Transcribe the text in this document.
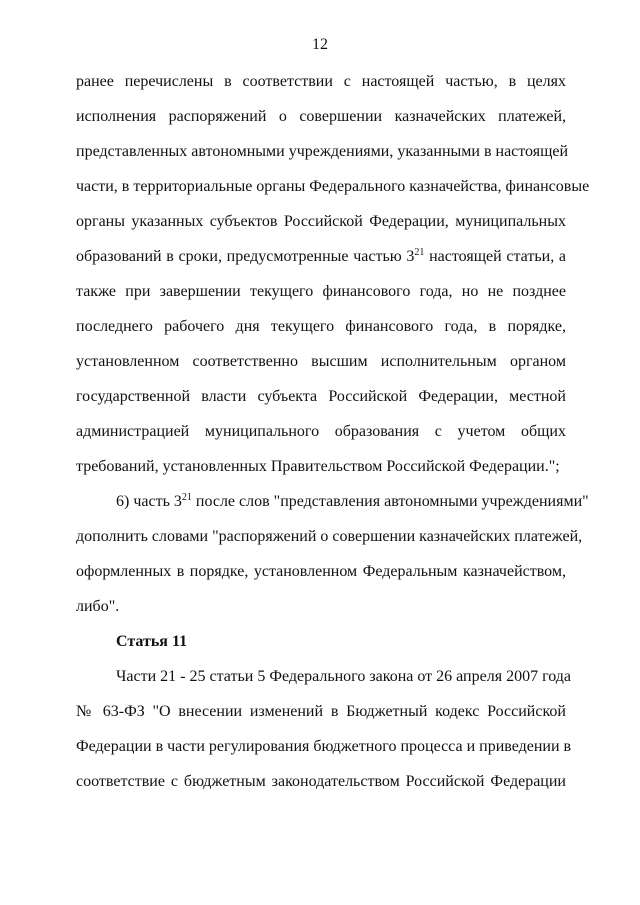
12
ранее перечислены в соответствии с настоящей частью, в целях
исполнения распоряжений о совершении казначейских платежей,
представленных автономными учреждениями, указанными в настоящей
части, в территориальные органы Федерального казначейства, финансовые
органы указанных субъектов Российской Федерации, муниципальных
образований в сроки, предусмотренные частью $3^{21}$ настоящей статьи, а
также при завершении текущего финансового года, но не позднее
последнего рабочего дня текущего финансового года, в порядке,
установленном соответственно высшим исполнительным органом
государственной власти субъекта Российской Федерации, местной
администрацией муниципального образования с учетом общих
требований, установленных Правительством Российской Федерации.";
6) часть $3^{21}$ после слов "представления автономными учреждениями"
дополнить словами "распоряжений о совершении казначейских платежей,
оформленных в порядке, установленном Федеральным казначейством,
либо".
Статья 11
Части 21 - 25 статьи 5 Федерального закона от 26 апреля 2007 года
№ 63-ФЗ "О внесении изменений в Бюджетный кодекс Российской
Федерации в части регулирования бюджетного процесса и приведении в
соответствие с бюджетным законодательством Российской Федерации
